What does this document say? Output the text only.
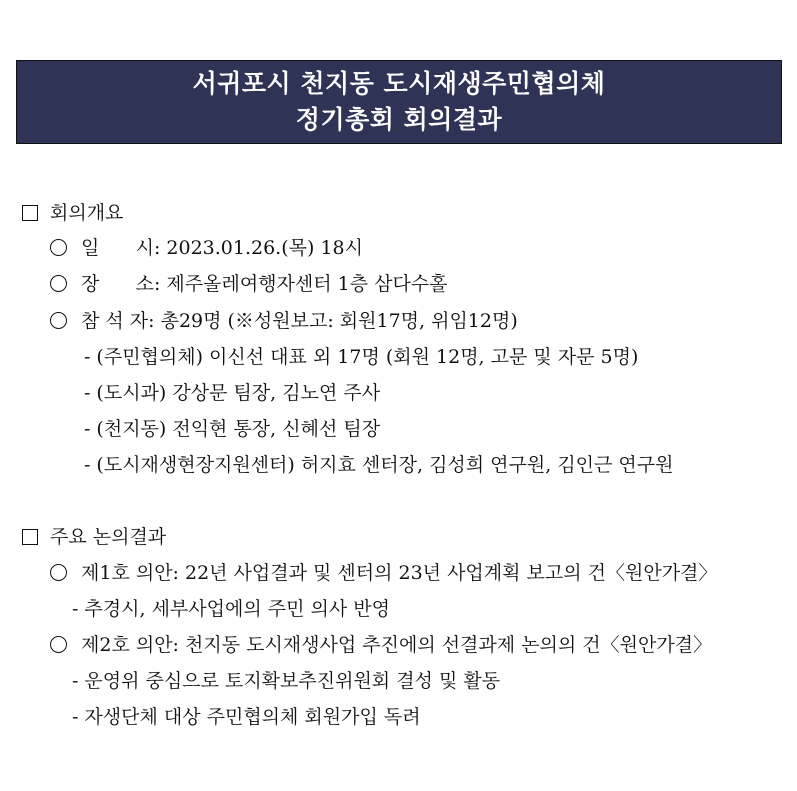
서귀포시 천지동 도시재생주민협의체
정기총회 회의결과
회의개요
일      시: 2023.01.26.(목) 18시
장      소: 제주올레여행자센터 1층 삼다수홀
참 석 자: 총29명 (※성원보고: 회원17명, 위임12명)
- (주민협의체) 이신선 대표 외 17명 (회원 12명, 고문 및 자문 5명)
- (도시과) 강상문 팀장, 김노연 주사
- (천지동) 전익현 통장, 신혜선 팀장
- (도시재생현장지원센터) 허지효 센터장, 김성희 연구원, 김인근 연구원
주요 논의결과
제1호 의안: 22년 사업결과 및 센터의 23년 사업계획 보고의 건〈원안가결〉
- 추경시, 세부사업에의 주민 의사 반영
제2호 의안: 천지동 도시재생사업 추진에의 선결과제 논의의 건〈원안가결〉
- 운영위 중심으로 토지확보추진위원회 결성 및 활동
- 자생단체 대상 주민협의체 회원가입 독려
